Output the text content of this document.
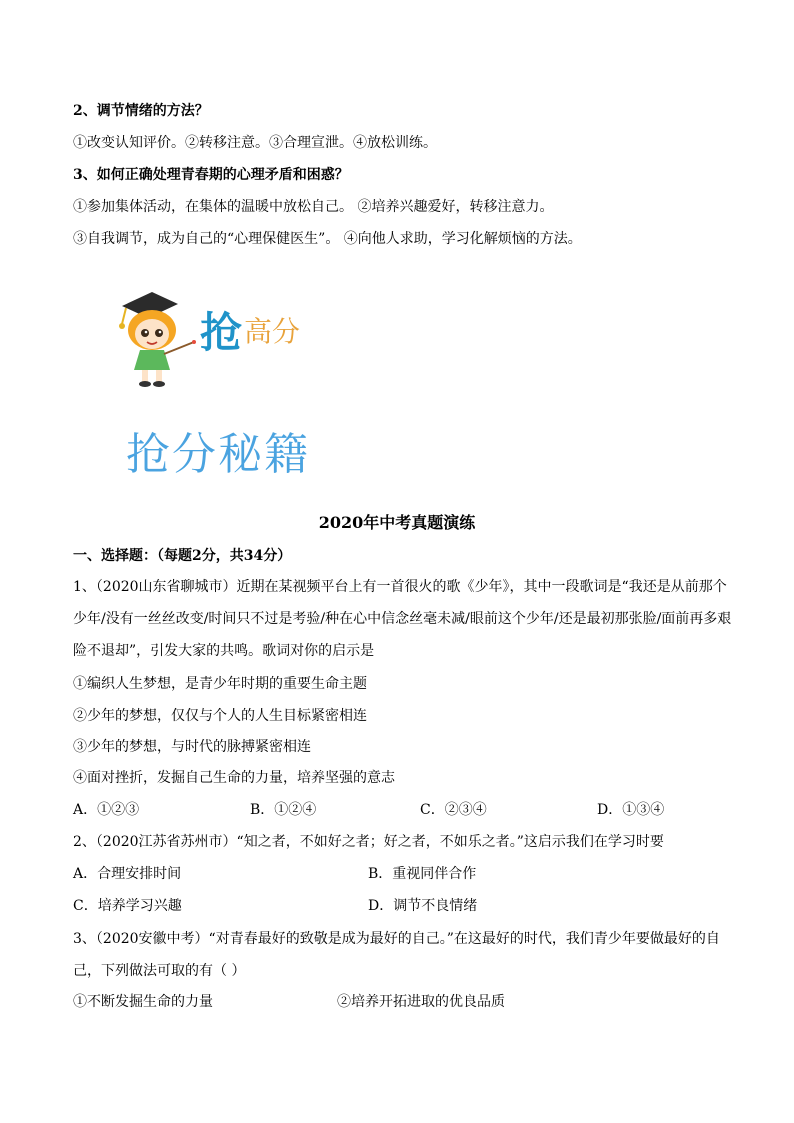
2、调节情绪的方法？
①改变认知评价。②转移注意。③合理宣泄。④放松训练。
3、如何正确处理青春期的心理矛盾和困惑？
①参加集体活动，在集体的温暖中放松自己。 ②培养兴趣爱好，转移注意力。
③自我调节，成为自己的“心理保健医生”。 ④向他人求助，学习化解烦恼的方法。
抢高分
抢分秘籍
2020年中考真题演练
一、选择题：（每题2分，共34分）
1、（2020山东省聊城市）近期在某视频平台上有一首很火的歌《少年》，其中一段歌词是“我还是从前那个
少年/没有一丝丝改变/时间只不过是考验/种在心中信念丝毫未减/眼前这个少年/还是最初那张脸/面前再多艰
险不退却”，引发大家的共鸣。歌词对你的启示是
①编织人生梦想，是青少年时期的重要生命主题
②少年的梦想，仅仅与个人的人生目标紧密相连
③少年的梦想，与时代的脉搏紧密相连
④面对挫折，发掘自己生命的力量，培养坚强的意志
A．①②③	B．①②④	C．②③④	D．①③④
2、（2020江苏省苏州市）“知之者，不如好之者；好之者，不如乐之者。”这启示我们在学习时要
A．合理安排时间	B．重视同伴合作
C．培养学习兴趣	D．调节不良情绪
3、（2020安徽中考）“对青春最好的致敬是成为最好的自己。”在这最好的时代，我们青少年要做最好的自
己，下列做法可取的有（ ）
①不断发掘生命的力量	②培养开拓进取的优良品质
